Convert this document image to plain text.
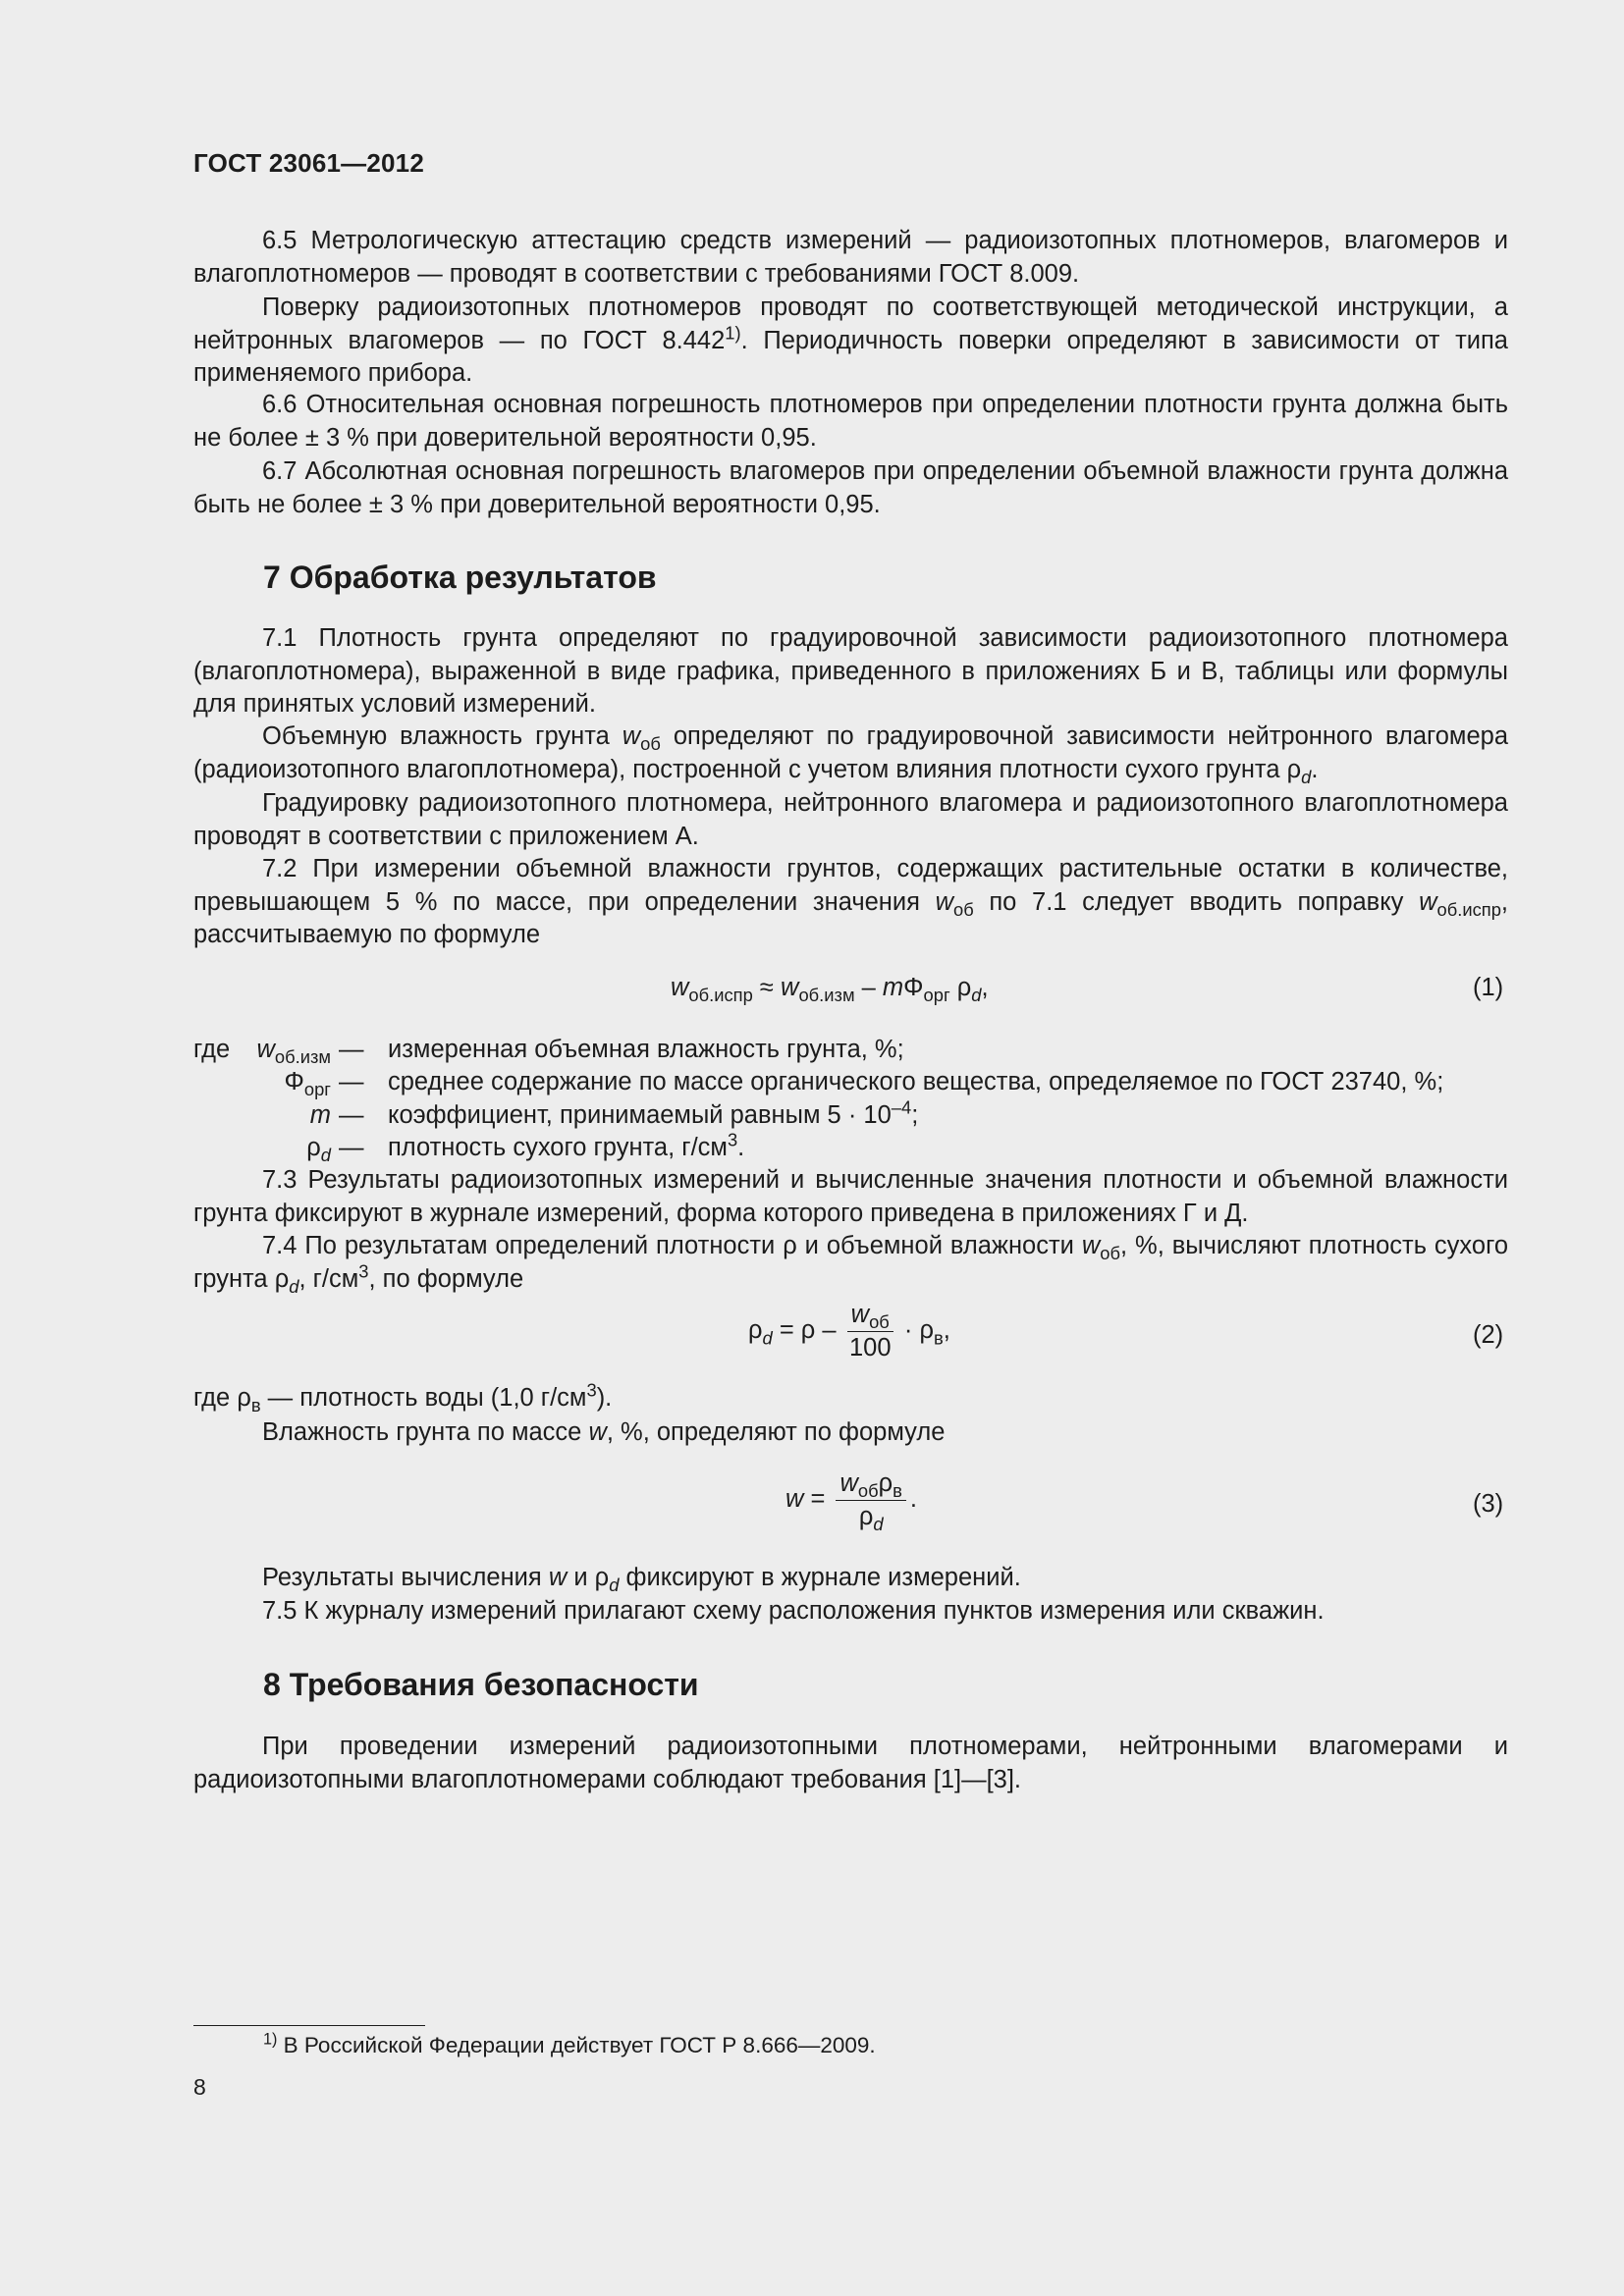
ГОСТ 23061—2012

6.5 Метрологическую аттестацию средств измерений — радиоизотопных плотномеров, влагомеров и влагоплотномеров — проводят в соответствии с требованиями ГОСТ 8.009.

Поверку радиоизотопных плотномеров проводят по соответствующей методической инструкции, а нейтронных влагомеров — по ГОСТ 8.442$^{1)}$. Периодичность поверки определяют в зависимости от типа применяемого прибора.

6.6 Относительная основная погрешность плотномеров при определении плотности грунта должна быть не более ± 3 % при доверительной вероятности 0,95.

6.7 Абсолютная основная погрешность влагомеров при определении объемной влажности грунта должна быть не более ± 3 % при доверительной вероятности 0,95.

7 Обработка результатов

7.1 Плотность грунта определяют по градуировочной зависимости радиоизотопного плотномера (влагоплотномера), выраженной в виде графика, приведенного в приложениях Б и В, таблицы или формулы для принятых условий измерений.

Объемную влажность грунта $w_{об}$ определяют по градуировочной зависимости нейтронного влагомера (радиоизотопного влагоплотномера), построенной с учетом влияния плотности сухого грунта $\rho_d$.

Градуировку радиоизотопного плотномера, нейтронного влагомера и радиоизотопного влагоплотномера проводят в соответствии с приложением А.

7.2 При измерении объемной влажности грунтов, содержащих растительные остатки в количестве, превышающем 5 % по массе, при определении значения $w_{об}$ по 7.1 следует вводить поправку $w_{об.испр}$, рассчитываемую по формуле

$w_{об.испр} \approx w_{об.изм} - m\Phi_{орг}$ $\rho_d$,	(1)
где	$w_{об.изм}$ — измеренная объемная влажность грунта, %;
$\Phi_{орг}$ — среднее содержание по массе органического вещества, определяемое по ГОСТ 23740, %;
m — коэффициент, принимаемый равным $5 \cdot 10^{-4}$;
$\rho_d$ — плотность сухого грунта, $г/см^3$.

7.3 Результаты радиоизотопных измерений и вычисленные значения плотности и объемной влажности грунта фиксируют в журнале измерений, форма которого приведена в приложениях Г и Д.

7.4 По результатам определений плотности ρ и объемной влажности $w_{об}$, %, вычисляют плотность сухого грунта $\rho_d$, $г/см^3$, по формуле

$\rho_d = \rho - \frac{w_{об}}{100} \cdot \rho_в$,	(2)

где $\rho_в$ — плотность воды (1,0 $г/см^3$).

Влажность грунта по массе w, %, определяют по формуле

$w = \frac{w_{об}\rho_в}{\rho_d}$ .	(3)

Результаты вычисления w и $\rho_d$ фиксируют в журнале измерений.

7.5 К журналу измерений прилагают схему расположения пунктов измерения или скважин.

8 Требования безопасности

При проведении измерений радиоизотопными плотномерами, нейтронными влагомерами и радиоизотопными влагоплотномерами соблюдают требования [1]—[3].

$^{1)}$ В Российской Федерации действует ГОСТ Р 8.666—2009.
8
